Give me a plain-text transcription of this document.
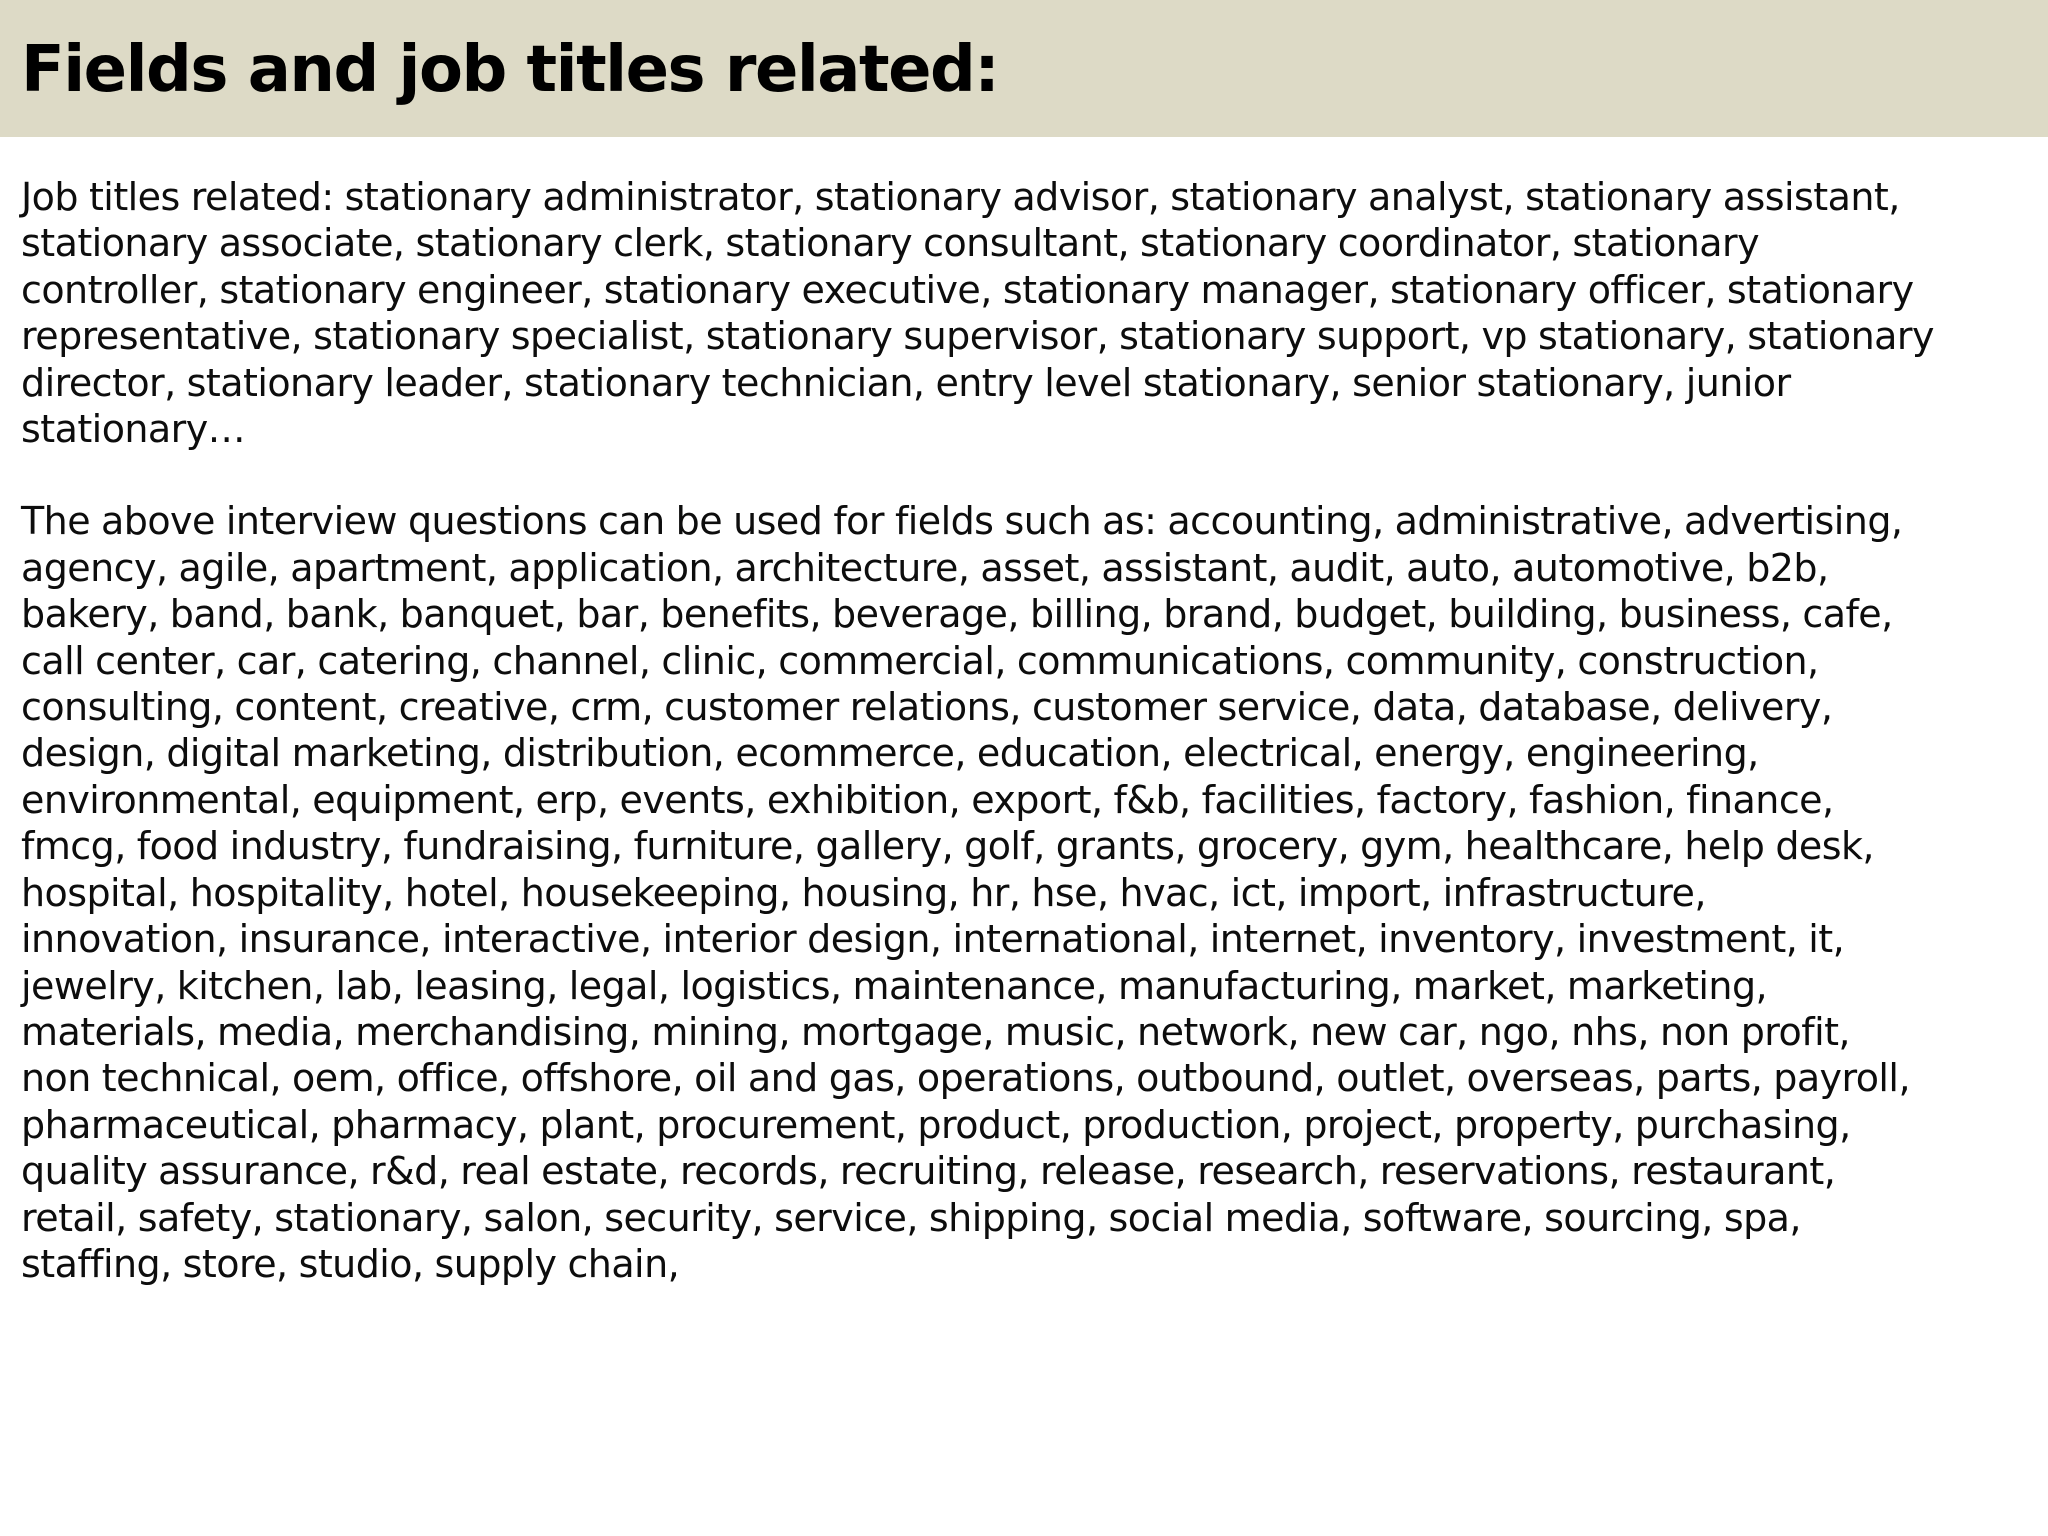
Fields and job titles related:

Job titles related: stationary administrator, stationary advisor, stationary analyst, stationary assistant,
stationary associate, stationary clerk, stationary consultant, stationary coordinator, stationary
controller, stationary engineer, stationary executive, stationary manager, stationary officer, stationary
representative, stationary specialist, stationary supervisor, stationary support, vp stationary, stationary
director, stationary leader, stationary technician, entry level stationary, senior stationary, junior
stationary…

The above interview questions can be used for fields such as: accounting, administrative, advertising,
agency, agile, apartment, application, architecture, asset, assistant, audit, auto, automotive, b2b,
bakery, band, bank, banquet, bar, benefits, beverage, billing, brand, budget, building, business, cafe,
call center, car, catering, channel, clinic, commercial, communications, community, construction,
consulting, content, creative, crm, customer relations, customer service, data, database, delivery,
design, digital marketing, distribution, ecommerce, education, electrical, energy, engineering,
environmental, equipment, erp, events, exhibition, export, f&b, facilities, factory, fashion, finance,
fmcg, food industry, fundraising, furniture, gallery, golf, grants, grocery, gym, healthcare, help desk,
hospital, hospitality, hotel, housekeeping, housing, hr, hse, hvac, ict, import, infrastructure,
innovation, insurance, interactive, interior design, international, internet, inventory, investment, it,
jewelry, kitchen, lab, leasing, legal, logistics, maintenance, manufacturing, market, marketing,
materials, media, merchandising, mining, mortgage, music, network, new car, ngo, nhs, non profit,
non technical, oem, office, offshore, oil and gas, operations, outbound, outlet, overseas, parts, payroll,
pharmaceutical, pharmacy, plant, procurement, product, production, project, property, purchasing,
quality assurance, r&d, real estate, records, recruiting, release, research, reservations, restaurant,
retail, safety, stationary, salon, security, service, shipping, social media, software, sourcing, spa,
staffing, store, studio, supply chain,
